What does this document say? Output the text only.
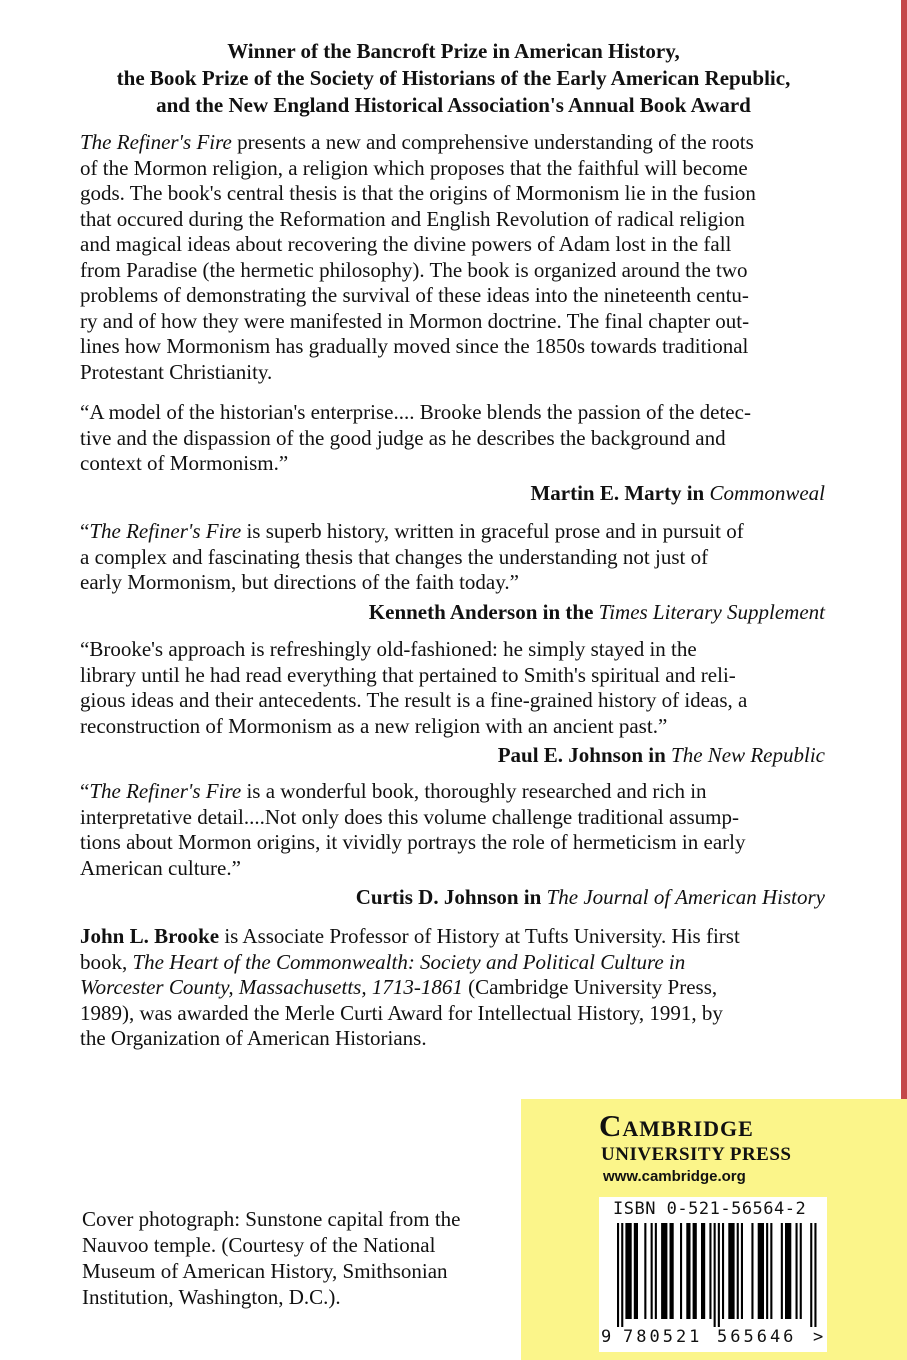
Winner of the Bancroft Prize in American History,
the Book Prize of the Society of Historians of the Early American Republic,
and the New England Historical Association's Annual Book Award
The Refiner's Fire presents a new and comprehensive understanding of the roots
of the Mormon religion, a religion which proposes that the faithful will become
gods. The book's central thesis is that the origins of Mormonism lie in the fusion
that occured during the Reformation and English Revolution of radical religion
and magical ideas about recovering the divine powers of Adam lost in the fall
from Paradise (the hermetic philosophy). The book is organized around the two
problems of demonstrating the survival of these ideas into the nineteenth centu-
ry and of how they were manifested in Mormon doctrine. The final chapter out-
lines how Mormonism has gradually moved since the 1850s towards traditional
Protestant Christianity.
“A model of the historian's enterprise.... Brooke blends the passion of the detec-
tive and the dispassion of the good judge as he describes the background and
context of Mormonism.”
Martin E. Marty in Commonweal
“The Refiner's Fire is superb history, written in graceful prose and in pursuit of
a complex and fascinating thesis that changes the understanding not just of
early Mormonism, but directions of the faith today.”
Kenneth Anderson in the Times Literary Supplement
“Brooke's approach is refreshingly old-fashioned: he simply stayed in the
library until he had read everything that pertained to Smith's spiritual and reli-
gious ideas and their antecedents. The result is a fine-grained history of ideas, a
reconstruction of Mormonism as a new religion with an ancient past.”
Paul E. Johnson in The New Republic
“The Refiner's Fire is a wonderful book, thoroughly researched and rich in
interpretative detail....Not only does this volume challenge traditional assump-
tions about Mormon origins, it vividly portrays the role of hermeticism in early
American culture.”
Curtis D. Johnson in The Journal of American History
John L. Brooke is Associate Professor of History at Tufts University. His first
book, The Heart of the Commonwealth: Society and Political Culture in
Worcester County, Massachusetts, 1713-1861 (Cambridge University Press,
1989), was awarded the Merle Curti Award for Intellectual History, 1991, by
the Organization of American Historians.
Cover photograph: Sunstone capital from the
Nauvoo temple. (Courtesy of the National
Museum of American History, Smithsonian
Institution, Washington, D.C.).
Cambridge
UNIVERSITY PRESS
www.cambridge.org
ISBN 0-521-56564-2
9 780521 565646 >
